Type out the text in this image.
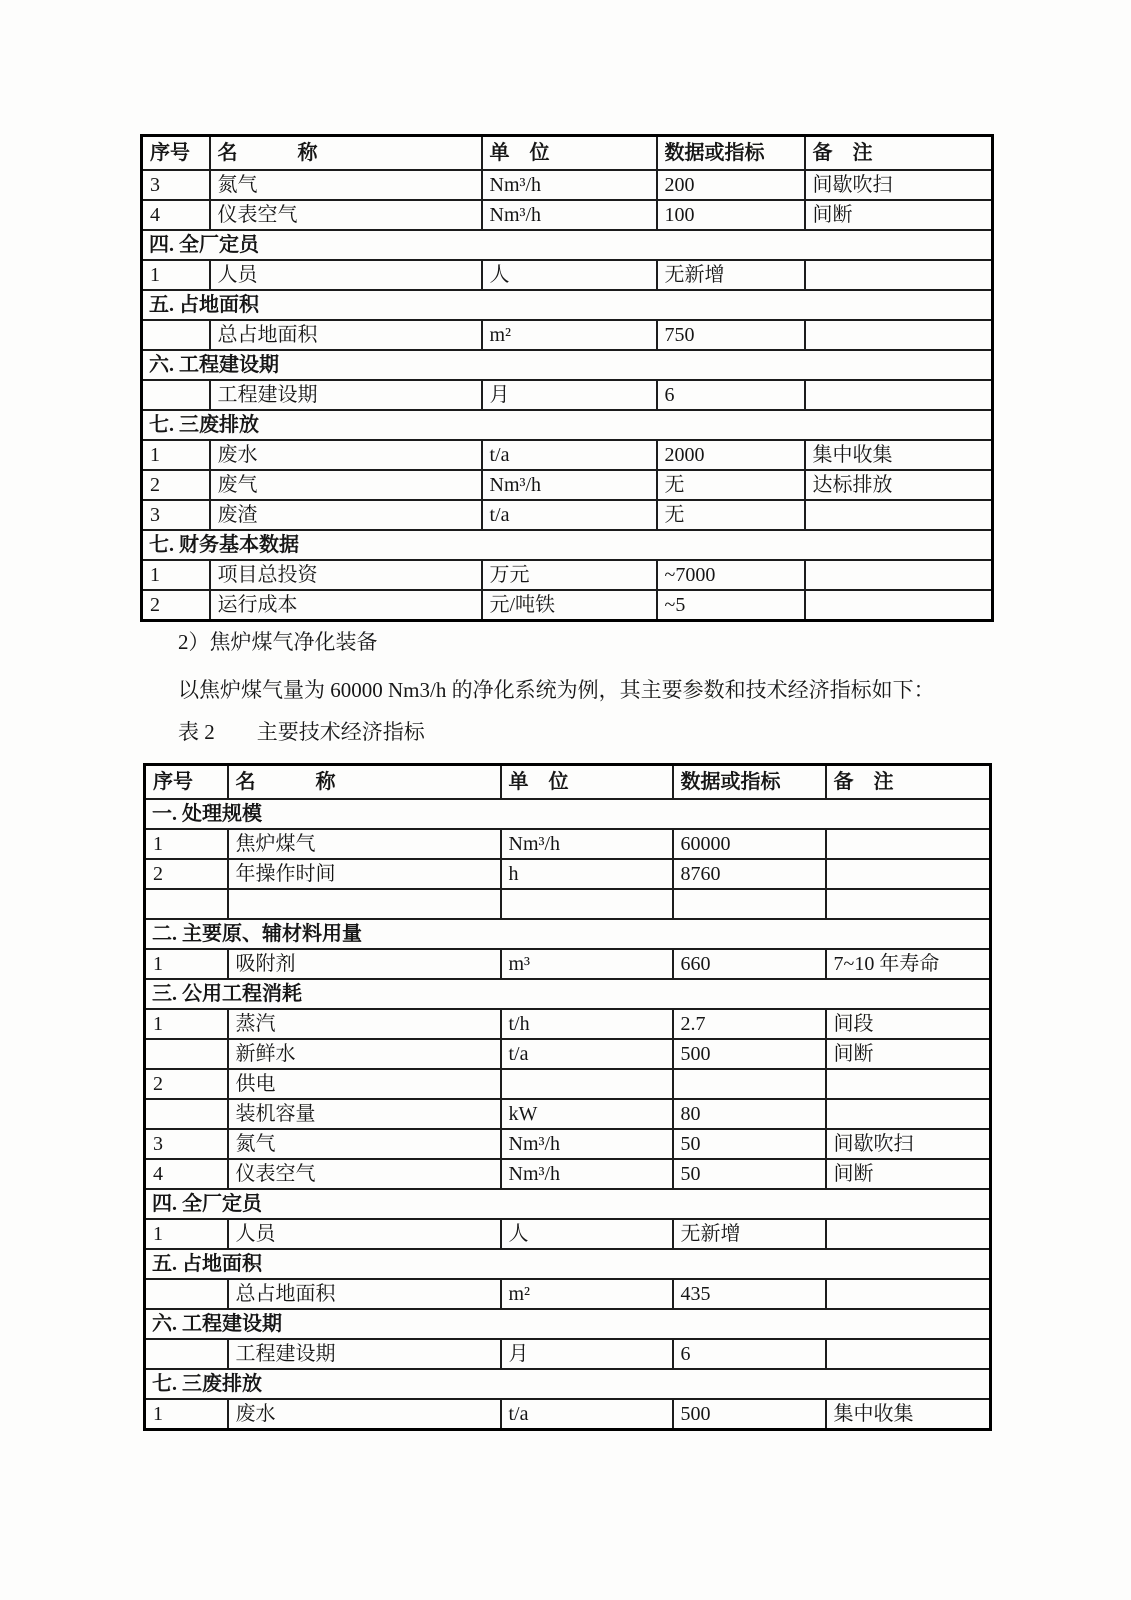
序号	名　　　称	单　位	数据或指标	备　注
3	氮气	Nm³/h	200	间歇吹扫
4	仪表空气	Nm³/h	100	间断
四. 全厂定员				
1	人员	人	无新增	
五. 占地面积				
	总占地面积	m²	750	
六. 工程建设期				
	工程建设期	月	6	
七. 三废排放				
1	废水	t/a	2000	集中收集
2	废气	Nm³/h	无	达标排放
3	废渣	t/a	无	
七. 财务基本数据				
1	项目总投资	万元	~7000	
2	运行成本	元/吨铁	~5	
2）焦炉煤气净化装备
以焦炉煤气量为 60000 Nm3/h 的净化系统为例，其主要参数和技术经济指标如下：
表 2　　主要技术经济指标
序号	名　　　称	单　位	数据或指标	备　注
一. 处理规模				
1	焦炉煤气	Nm³/h	60000	
2	年操作时间	h	8760	

二. 主要原、辅材料用量				
1	吸附剂	m³	660	7~10 年寿命
三. 公用工程消耗				
1	蒸汽	t/h	2.7	间段
	新鲜水	t/a	500	间断
2	供电			
	装机容量	kW	80	
3	氮气	Nm³/h	50	间歇吹扫
4	仪表空气	Nm³/h	50	间断
四. 全厂定员				
1	人员	人	无新增	
五. 占地面积				
	总占地面积	m²	435	
六. 工程建设期				
	工程建设期	月	6	
七. 三废排放				
1	废水	t/a	500	集中收集
